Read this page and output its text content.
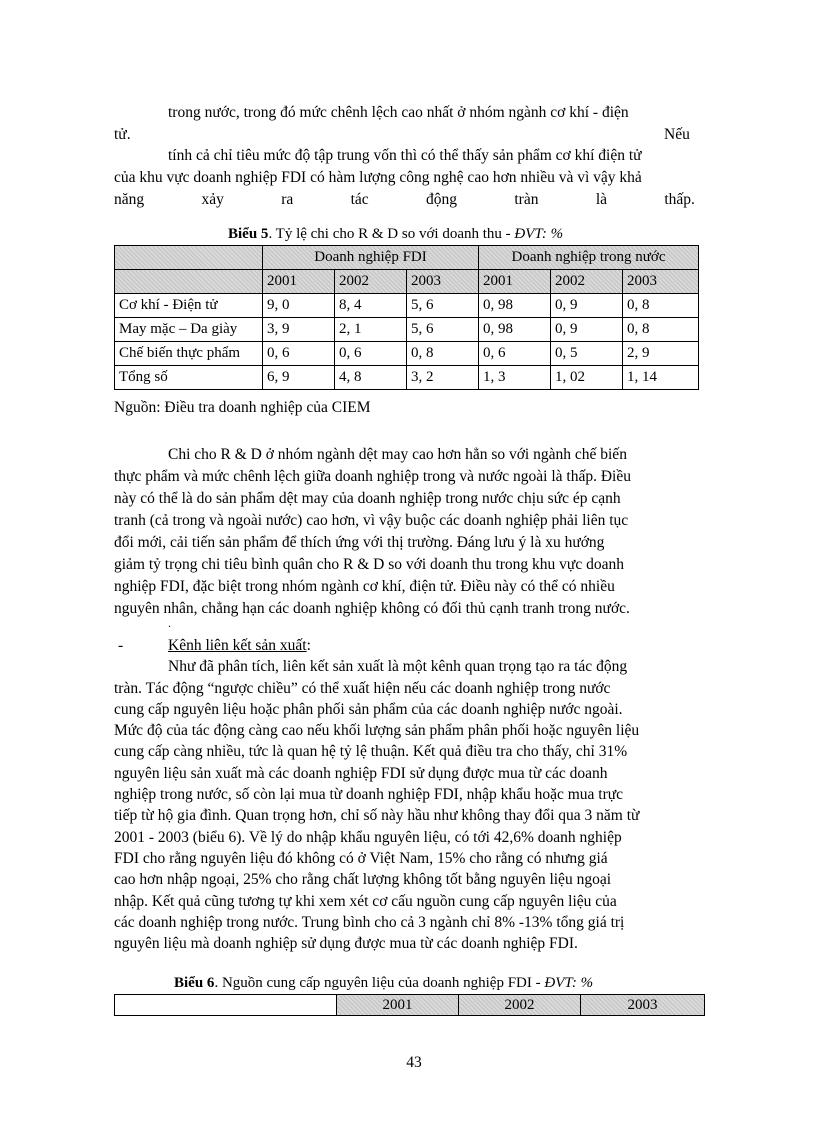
trong nước, trong đó mức chênh lệch cao nhất ở nhóm ngành cơ khí - điện
tử.	Nếu
tính cả chỉ tiêu mức độ tập trung vốn thì có thể thấy sản phẩm cơ khí điện tử
của khu vực doanh nghiệp FDI có hàm lượng công nghệ cao hơn nhiều và vì vậy khả
năng	xảy	ra	tác	động	tràn	là	thấp.
Biểu 5. Tỷ lệ chi cho R & D so với doanh thu - ĐVT: %
	Doanh nghiệp FDI			Doanh nghiệp trong nước		
	2001	2002	2003	2001	2002	2003
Cơ khí - Điện tử	9, 0	8, 4	5, 6	0, 98	0, 9	0, 8
May mặc – Da giày	3, 9	2, 1	5, 6	0, 98	0, 9	0, 8
Chế biến thực phẩm	0, 6	0, 6	0, 8	0, 6	0, 5	2, 9
Tổng số	6, 9	4, 8	3, 2	1, 3	1, 02	1, 14
Nguồn: Điều tra doanh nghiệp của CIEM
Chi cho R & D ở nhóm ngành dệt may cao hơn hẳn so với ngành chế biến
thực phẩm và mức chênh lệch giữa doanh nghiệp trong và nước ngoài là thấp. Điều
này có thể là do sản phẩm dệt may của doanh nghiệp trong nước chịu sức ép cạnh
tranh (cả trong và ngoài nước) cao hơn, vì vậy buộc các doanh nghiệp phải liên tục
đổi mới, cải tiến sản phẩm để thích ứng với thị trường. Đáng lưu ý là xu hướng
giảm tỷ trọng chi tiêu bình quân cho R & D so với doanh thu trong khu vực doanh
nghiệp FDI, đặc biệt trong nhóm ngành cơ khí, điện tử. Điều này có thể có nhiều
nguyên nhân, chẳng hạn các doanh nghiệp không có đối thủ cạnh tranh trong nước.
.
-	Kênh liên kết sản xuất:
Như đã phân tích, liên kết sản xuất là một kênh quan trọng tạo ra tác động
tràn. Tác động “ngược chiều” có thể xuất hiện nếu các doanh nghiệp trong nước
cung cấp nguyên liệu hoặc phân phối sản phẩm của các doanh nghiệp nước ngoài.
Mức độ của tác động càng cao nếu khối lượng sản phẩm phân phối hoặc nguyên liệu
cung cấp càng nhiều, tức là quan hệ tỷ lệ thuận. Kết quả điều tra cho thấy, chỉ 31%
nguyên liệu sản xuất mà các doanh nghiệp FDI sử dụng được mua từ các doanh
nghiệp trong nước, số còn lại mua từ doanh nghiệp FDI, nhập khẩu hoặc mua trực
tiếp từ hộ gia đình. Quan trọng hơn, chỉ số này hầu như không thay đổi qua 3 năm từ
2001 - 2003 (biểu 6). Về lý do nhập khẩu nguyên liệu, có tới 42,6% doanh nghiệp
FDI cho rằng nguyên liệu đó không có ở Việt Nam, 15% cho rằng có nhưng giá
cao hơn nhập ngoại, 25% cho rằng chất lượng không tốt bằng nguyên liệu ngoại
nhập. Kết quả cũng tương tự khi xem xét cơ cấu nguồn cung cấp nguyên liệu của
các doanh nghiệp trong nước. Trung bình cho cả 3 ngành chỉ 8% -13% tổng giá trị
nguyên liệu mà doanh nghiệp sử dụng được mua từ các doanh nghiệp FDI.
Biểu 6. Nguồn cung cấp nguyên liệu của doanh nghiệp FDI - ĐVT: %
	2001	2002	2003
43
